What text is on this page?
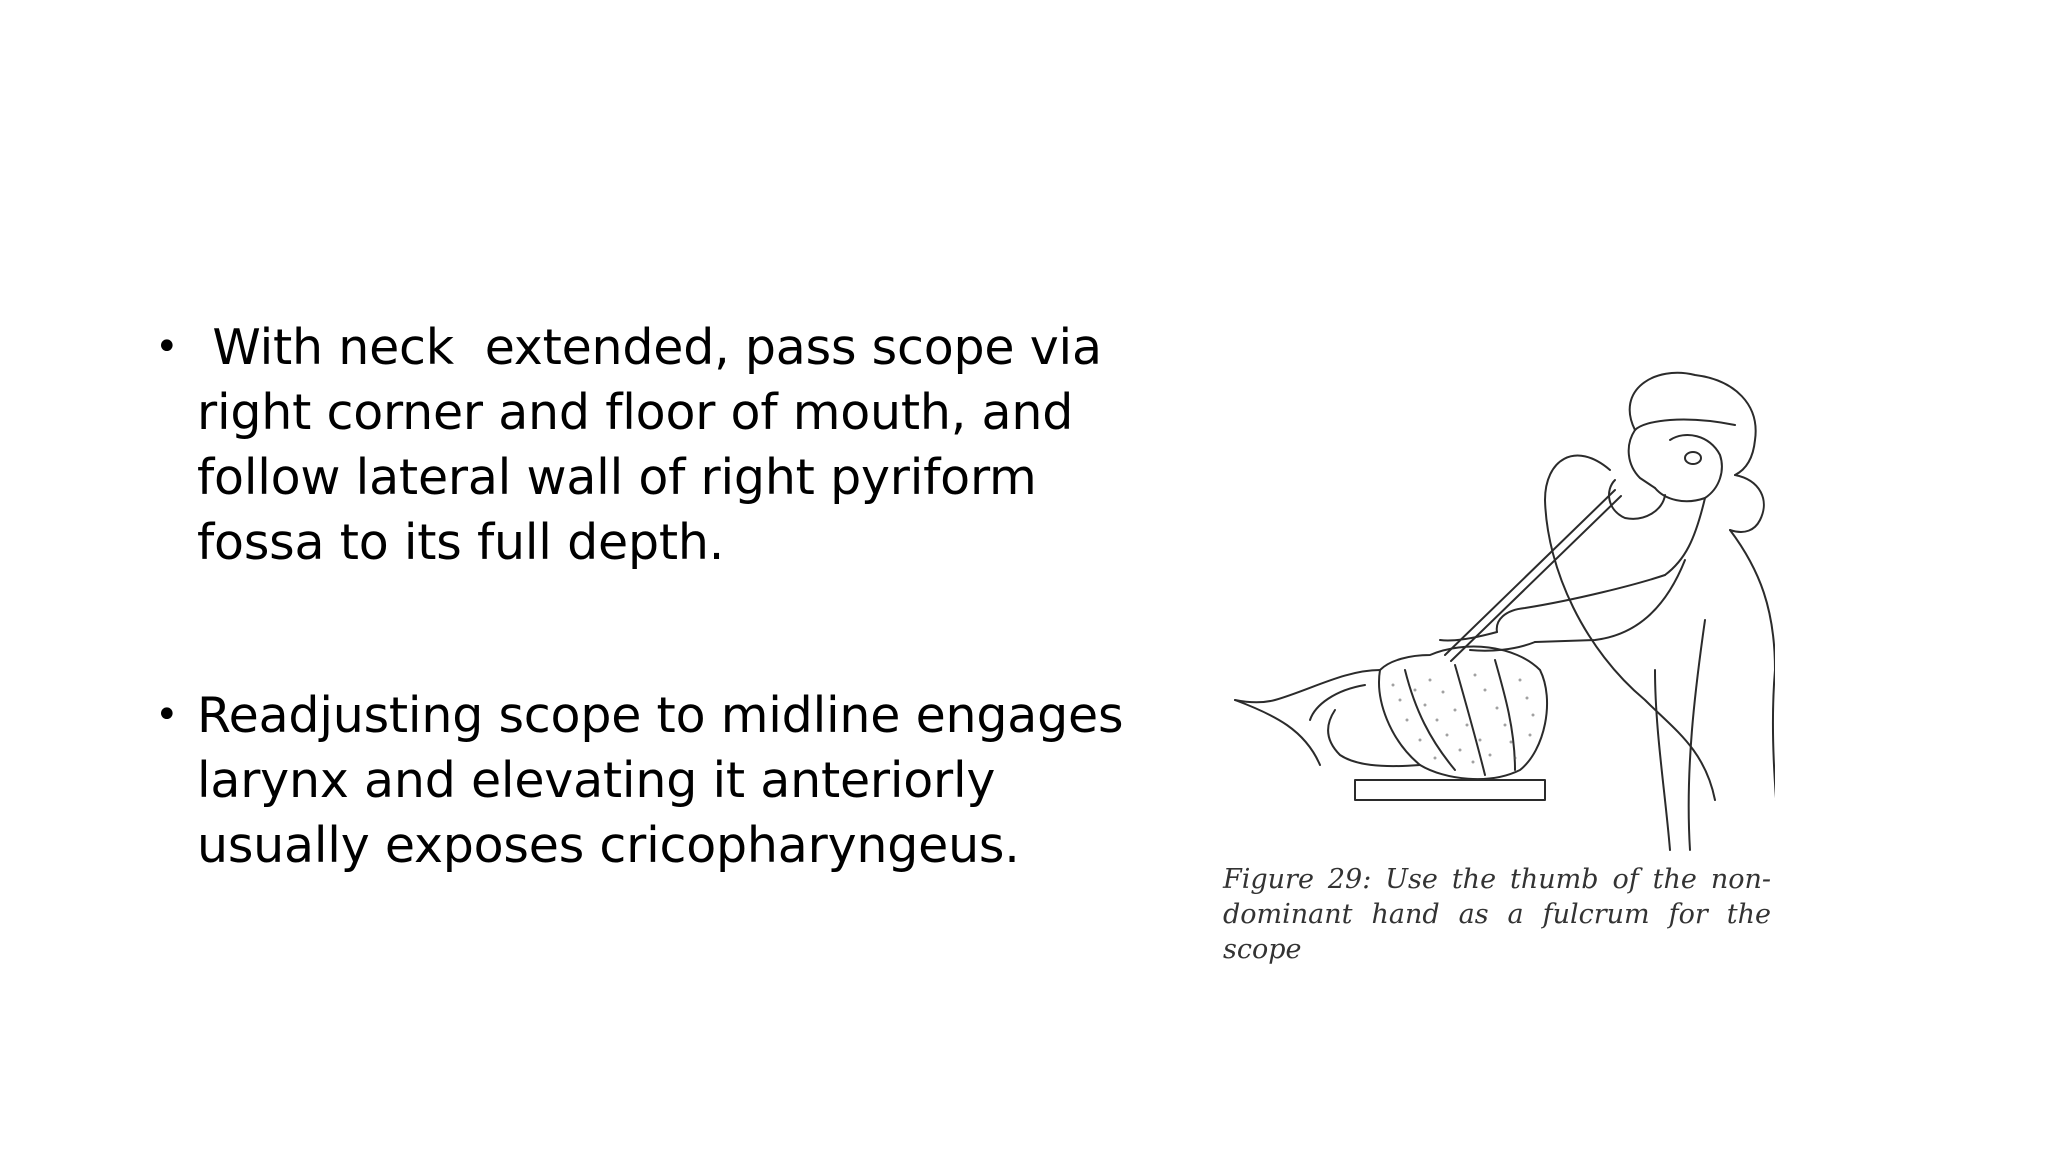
• With neck  extended, pass scope via right corner and floor of mouth, and follow lateral wall of right pyriform fossa to its full depth.
• Readjusting scope to midline engages larynx and elevating it anteriorly usually exposes cricopharyngeus.
Figure 29: Use the thumb of the non-dominant hand as a fulcrum for the scope
